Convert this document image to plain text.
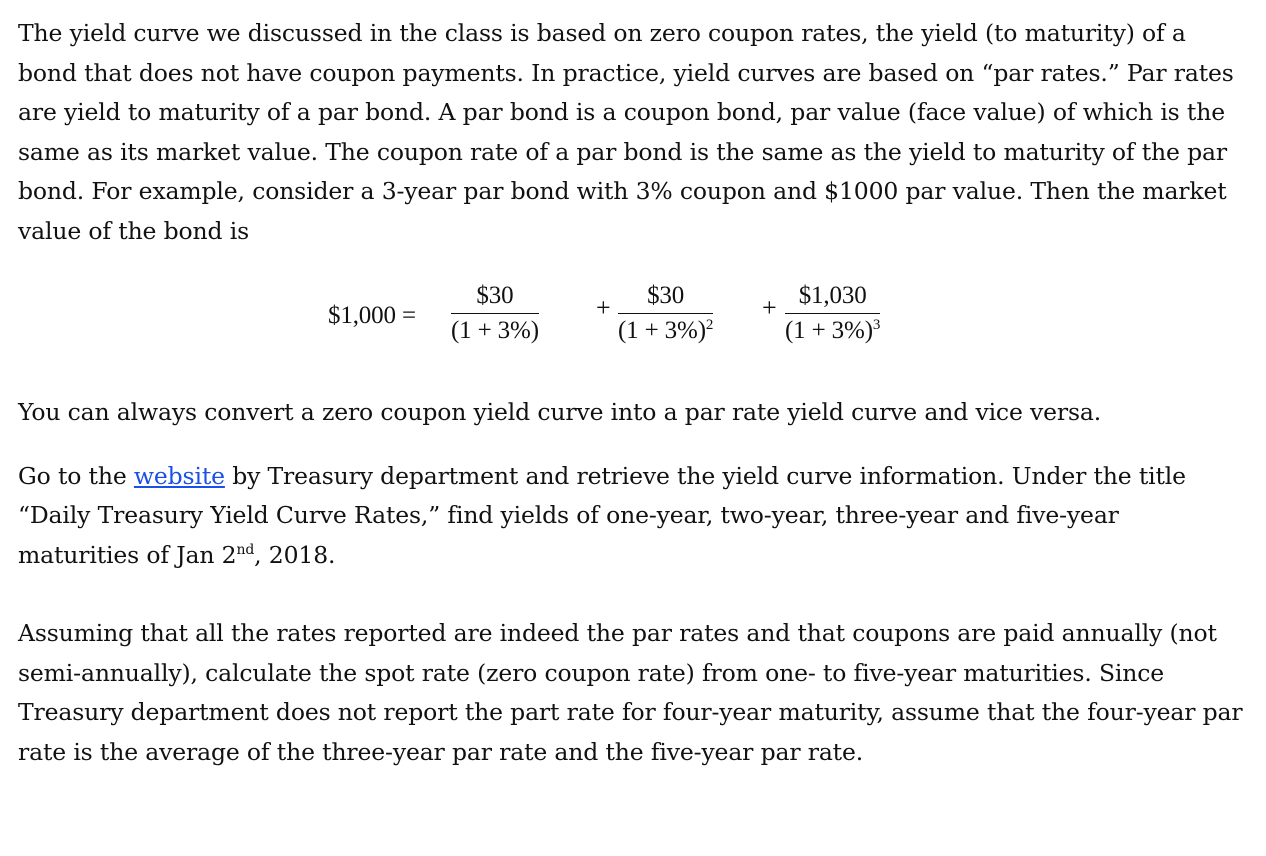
The yield curve we discussed in the class is based on zero coupon rates, the yield (to maturity) of a bond that does not have coupon payments. In practice, yield curves are based on “par rates.” Par rates are yield to maturity of a par bond. A par bond is a coupon bond, par value (face value) of which is the same as its market value. The coupon rate of a par bond is the same as the yield to maturity of the par bond. For example, consider a 3-year par bond with 3% coupon and $1000 par value. Then the market value of the bond is

$1,000 = $\frac{\$30}{(1 + 3\%)} + \frac{\$30}{(1 + 3\%)^2} + \frac{\$1,030}{(1 + 3\%)^3}$

You can always convert a zero coupon yield curve into a par rate yield curve and vice versa.

Go to the website by Treasury department and retrieve the yield curve information. Under the title “Daily Treasury Yield Curve Rates,” find yields of one-year, two-year, three-year and five-year maturities of Jan 2nd, 2018.

Assuming that all the rates reported are indeed the par rates and that coupons are paid annually (not semi-annually), calculate the spot rate (zero coupon rate) from one- to five-year maturities. Since Treasury department does not report the part rate for four-year maturity, assume that the four-year par rate is the average of the three-year par rate and the five-year par rate.
